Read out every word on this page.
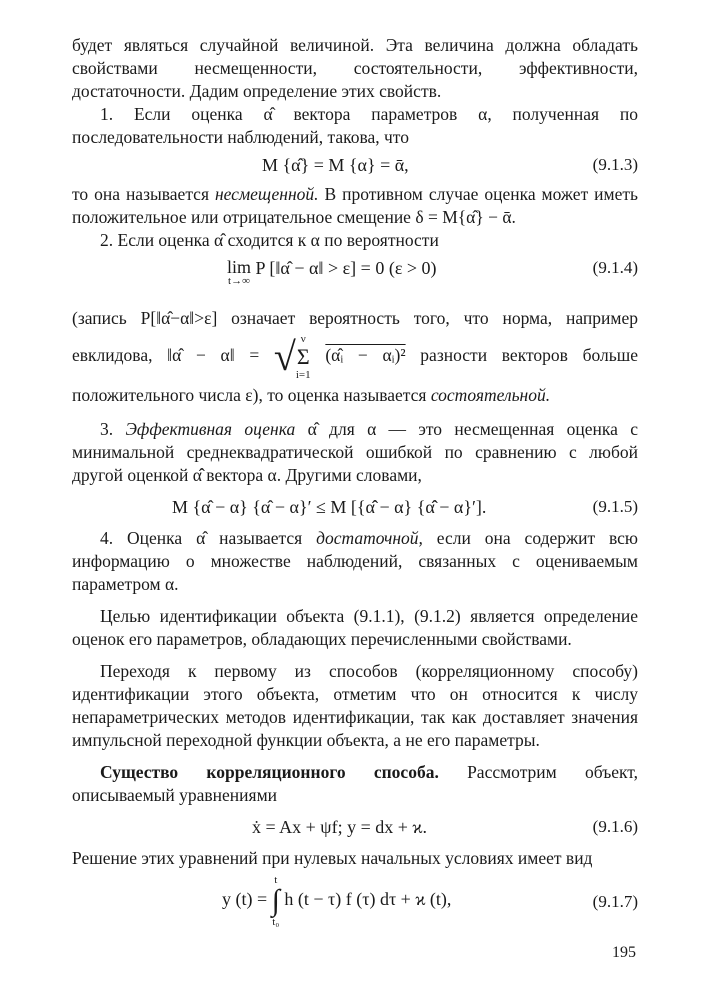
будет являться случайной величиной. Эта величина должна обладать свойствами несмещенности, состоятельности, эффективности, достаточности. Дадим определение этих свойств.

1. Если оценка α̂ вектора параметров α, полученная по последовательности наблюдений, такова, что

M {α̂} = M {α} = ᾱ,	(9.1.3)

то она называется несмещенной. В противном случае оценка может иметь положительное или отрицательное смещение δ = M{α̂} − ᾱ.

2. Если оценка α̂ сходится к α по вероятности

lim
t→∞
P [‖α̂ − α‖ > ε] = 0 (ε > 0)	(9.1.4)

(запись P[‖α̂−α‖>ε] означает вероятность того, что норма, например евклидова, ‖α̂ − α‖ = √ ν
Σ
i=1
(α̂ᵢ − αᵢ)² разности векторов больше положительного числа ε), то оценка называется состоятельной.

3. Эффективная оценка α̂ для α — это несмещенная оценка с минимальной среднеквадратической ошибкой по сравнению с любой другой оценкой α̂̂ вектора α. Другими словами,

M {α̂ − α} {α̂ − α}′ ≤ M [{α̂̂ − α} {α̂̂ − α}′].	(9.1.5)

4. Оценка α̂ называется достаточной, если она содержит всю информацию о множестве наблюдений, связанных с оцениваемым параметром α.

Целью идентификации объекта (9.1.1), (9.1.2) является определение оценок его параметров, обладающих перечисленными свойствами.

Переходя к первому из способов (корреляционному способу) идентификации этого объекта, отметим что он относится к числу непараметрических методов идентификации, так как доставляет значения импульсной переходной функции объекта, а не его параметры.

Существо корреляционного способа. Рассмотрим объект, описываемый уравнениями

ẋ = Ax + ψf; y = dx + ϰ.	(9.1.6)

Решение этих уравнений при нулевых начальных условиях имеет вид

y (t) =
t
∫
t₀
h (t − τ) f (τ) dτ + ϰ (t),	(9.1.7)
195
